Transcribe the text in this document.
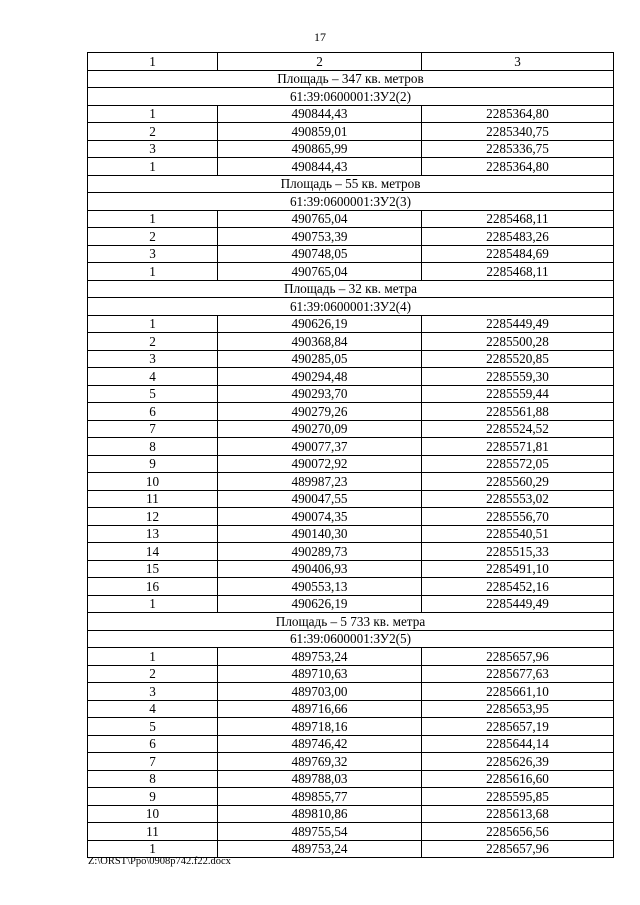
17
1	2	3
Площадь – 347 кв. метров		
61:39:0600001:ЗУ2(2)		
1	490844,43	2285364,80
2	490859,01	2285340,75
3	490865,99	2285336,75
1	490844,43	2285364,80
Площадь – 55 кв. метров		
61:39:0600001:ЗУ2(3)		
1	490765,04	2285468,11
2	490753,39	2285483,26
3	490748,05	2285484,69
1	490765,04	2285468,11
Площадь – 32 кв. метра		
61:39:0600001:ЗУ2(4)		
1	490626,19	2285449,49
2	490368,84	2285500,28
3	490285,05	2285520,85
4	490294,48	2285559,30
5	490293,70	2285559,44
6	490279,26	2285561,88
7	490270,09	2285524,52
8	490077,37	2285571,81
9	490072,92	2285572,05
10	489987,23	2285560,29
11	490047,55	2285553,02
12	490074,35	2285556,70
13	490140,30	2285540,51
14	490289,73	2285515,33
15	490406,93	2285491,10
16	490553,13	2285452,16
1	490626,19	2285449,49
Площадь – 5 733 кв. метра		
61:39:0600001:ЗУ2(5)		
1	489753,24	2285657,96
2	489710,63	2285677,63
3	489703,00	2285661,10
4	489716,66	2285653,95
5	489718,16	2285657,19
6	489746,42	2285644,14
7	489769,32	2285626,39
8	489788,03	2285616,60
9	489855,77	2285595,85
10	489810,86	2285613,68
11	489755,54	2285656,56
1	489753,24	2285657,96
Z:\ORST\Ppo\0908p742.f22.docx
